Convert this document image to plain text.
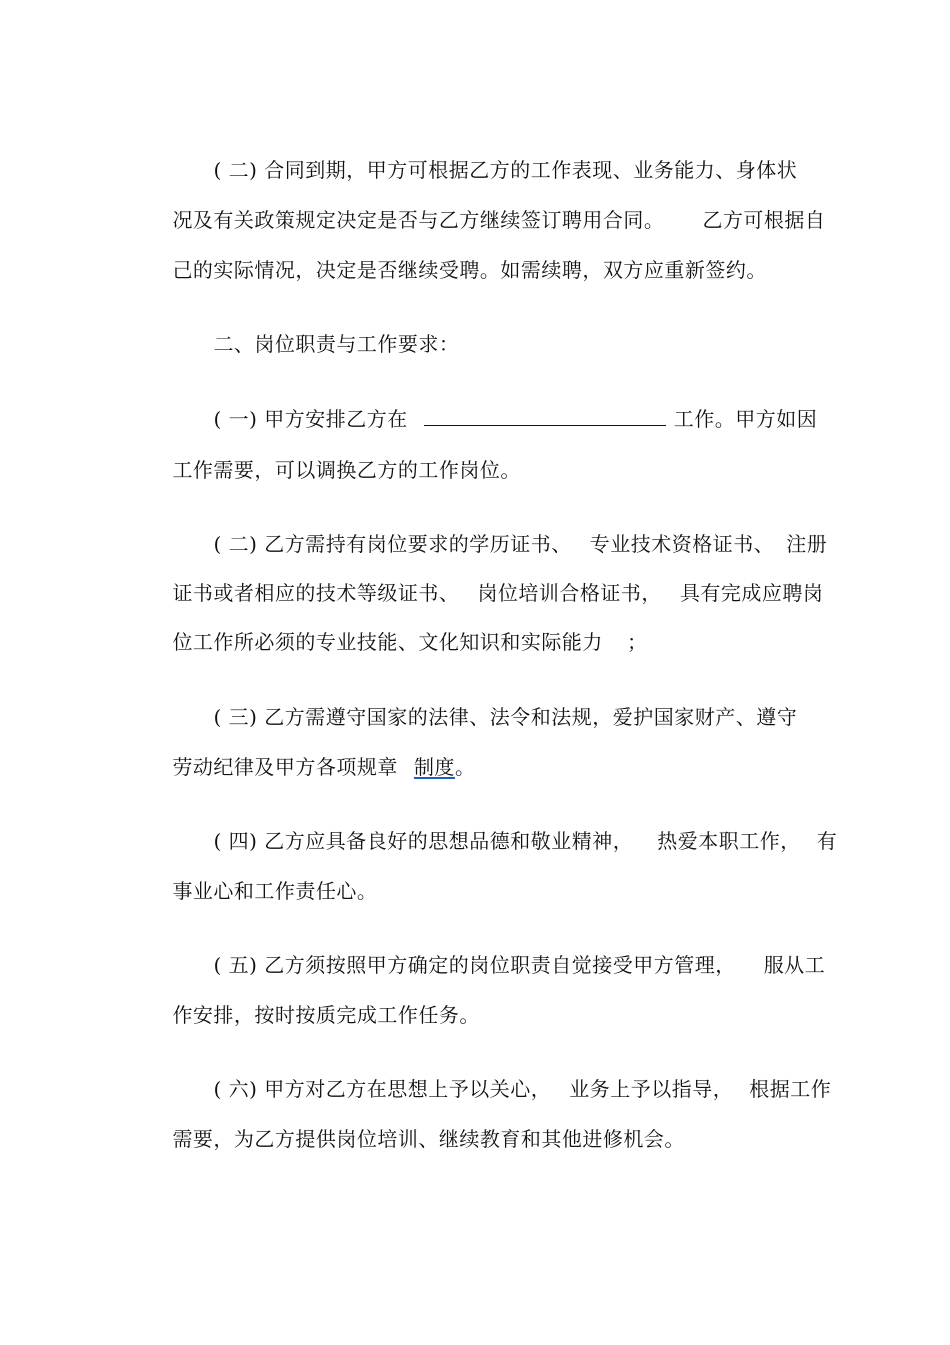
( 二) 合同到期，甲方可根据乙方的工作表现、业务能力、身体状

况及有关政策规定决定是否与乙方继续签订聘用合同。 乙方可根据自

己的实际情况，决定是否继续受聘。如需续聘，双方应重新签约。

二、岗位职责与工作要求：

( 一) 甲方安排乙方在	工作。甲方如因

工作需要，可以调换乙方的工作岗位。

( 二) 乙方需持有岗位要求的学历证书、 专业技术资格证书、 注册

证书或者相应的技术等级证书、 岗位培训合格证书， 具有完成应聘岗

位工作所必须的专业技能、文化知识和实际能力 ；

( 三) 乙方需遵守国家的法律、法令和法规，爱护国家财产、遵守

劳动纪律及甲方各项规章 制度。

( 四) 乙方应具备良好的思想品德和敬业精神， 热爱本职工作， 有

事业心和工作责任心。

( 五) 乙方须按照甲方确定的岗位职责自觉接受甲方管理， 服从工

作安排，按时按质完成工作任务。

( 六) 甲方对乙方在思想上予以关心， 业务上予以指导， 根据工作

需要，为乙方提供岗位培训、继续教育和其他进修机会。
